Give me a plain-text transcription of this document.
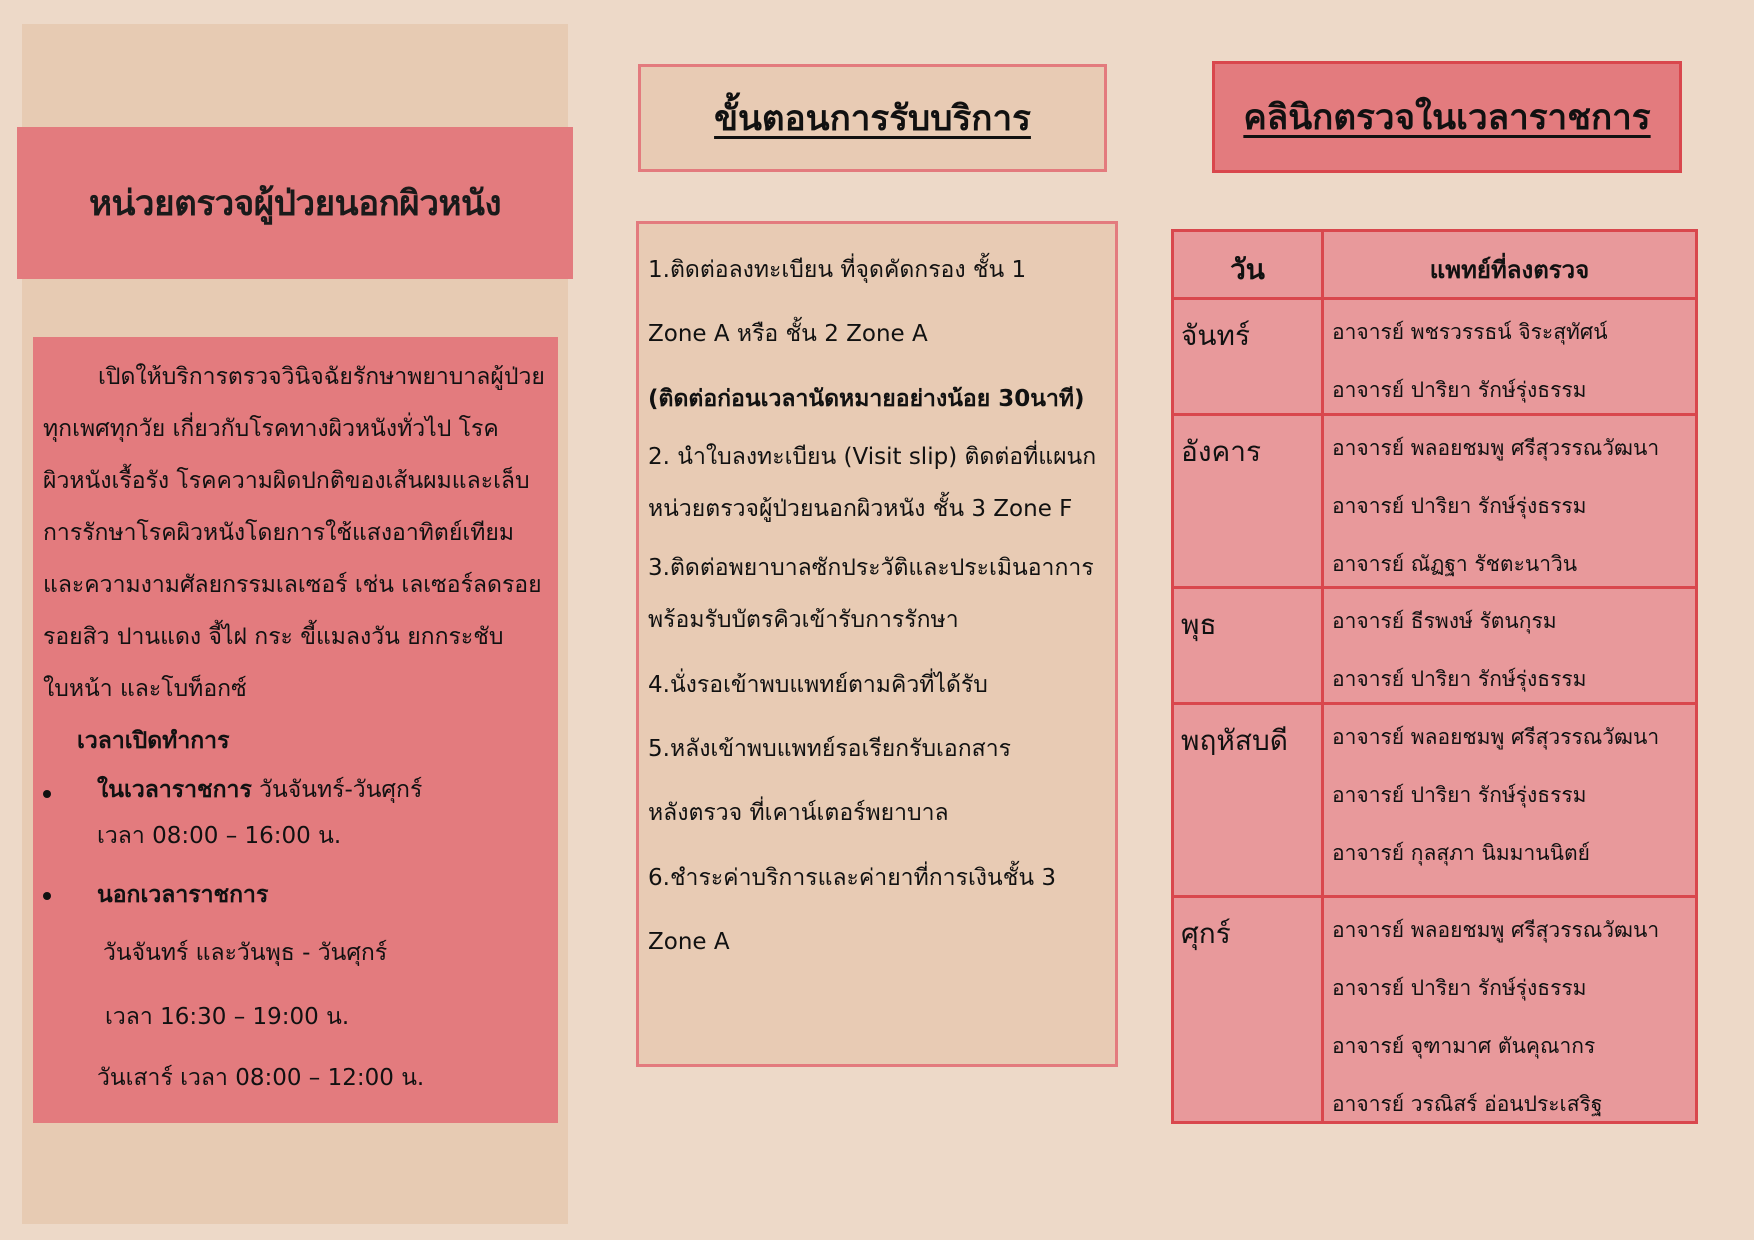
หน่วยตรวจผู้ป่วยนอกผิวหนัง

เปิดให้บริการตรวจวินิจฉัยรักษาพยาบาลผู้ป่วย

ทุกเพศทุกวัย เกี่ยวกับโรคทางผิวหนังทั่วไป โรค
ผิวหนังเรื้อรัง โรคความผิดปกติของเส้นผมและเล็บ
การรักษาโรคผิวหนังโดยการใช้แสงอาทิตย์เทียม
และความงามศัลยกรรมเลเซอร์ เช่น เลเซอร์ลดรอย
รอยสิว ปานแดง จี้ไฝ กระ ขี้แมลงวัน ยกกระชับ
ใบหน้า และโบท็อกซ์
เวลาเปิดทำการ
ในเวลาราชการ วันจันทร์-วันศุกร์
เวลา 08:00 – 16:00 น.
นอกเวลาราชการ
วันจันทร์ และวันพุธ - วันศุกร์
เวลา 16:30 – 19:00 น.
วันเสาร์ เวลา 08:00 – 12:00 น.
ขั้นตอนการรับบริการ
1.ติดต่อลงทะเบียน ที่จุดคัดกรอง ชั้น 1
Zone A หรือ ชั้น 2 Zone A
(ติดต่อก่อนเวลานัดหมายอย่างน้อย 30นาที)
2. นำใบลงทะเบียน (Visit slip) ติดต่อที่แผนก
หน่วยตรวจผู้ป่วยนอกผิวหนัง ชั้น 3 Zone F
3.ติดต่อพยาบาลซักประวัติและประเมินอาการ
พร้อมรับบัตรคิวเข้ารับการรักษา
4.นั่งรอเข้าพบแพทย์ตามคิวที่ได้รับ
5.หลังเข้าพบแพทย์รอเรียกรับเอกสาร
หลังตรวจ ที่เคาน์เตอร์พยาบาล
6.ชำระค่าบริการและค่ายาที่การเงินชั้น 3
Zone A
คลินิกตรวจในเวลาราชการ
วัน	แพทย์ที่ลงตรวจ
จันทร์	อาจารย์ พชรวรรธน์ จิระสุทัศน์
อาจารย์ ปาริยา รักษ์รุ่งธรรม
อังคาร	อาจารย์ พลอยชมพู ศรีสุวรรณวัฒนา
อาจารย์ ปาริยา รักษ์รุ่งธรรม
อาจารย์ ณัฏฐา รัชตะนาวิน
พุธ	อาจารย์ ธีรพงษ์ รัตนกุรม
อาจารย์ ปาริยา รักษ์รุ่งธรรม
พฤหัสบดี	อาจารย์ พลอยชมพู ศรีสุวรรณวัฒนา
อาจารย์ ปาริยา รักษ์รุ่งธรรม
อาจารย์ กุลสุภา นิมมานนิตย์
ศุกร์	อาจารย์ พลอยชมพู ศรีสุวรรณวัฒนา
อาจารย์ ปาริยา รักษ์รุ่งธรรม
อาจารย์ จุฑามาศ ตันคุณากร
อาจารย์ วรณิสร์ อ่อนประเสริฐ
